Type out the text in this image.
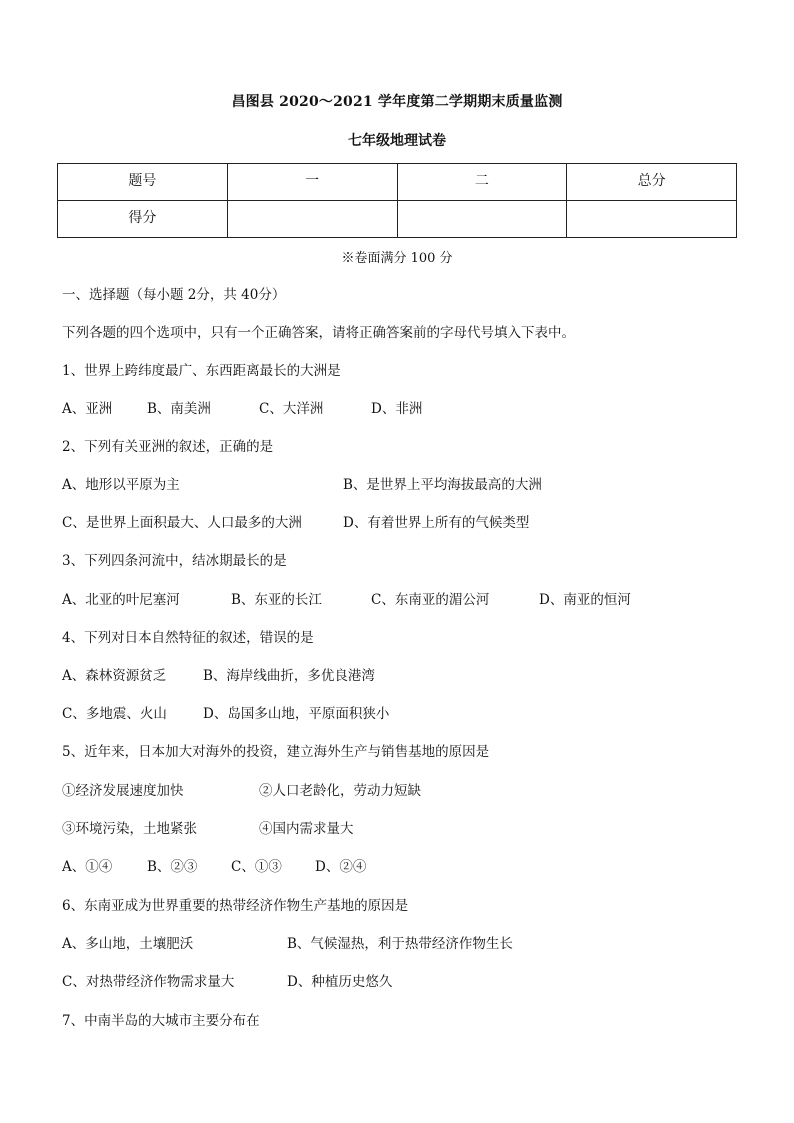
昌图县 2020～2021 学年度第二学期期末质量监测
七年级地理试卷
题号	一	二	总分
得分			
※卷面满分 100 分
一、选择题（每小题 2分，共 40分）
下列各题的四个选项中，只有一个正确答案，请将正确答案前的字母代号填入下表中。
1、世界上跨纬度最广、东西距离最长的大洲是
A、亚洲	B、南美洲	C、大洋洲	D、非洲
2、下列有关亚洲的叙述，正确的是
A、地形以平原为主	B、是世界上平均海拔最高的大洲
C、是世界上面积最大、人口最多的大洲	D、有着世界上所有的气候类型
3、下列四条河流中，结冰期最长的是
A、北亚的叶尼塞河	B、东亚的长江	C、东南亚的湄公河	D、南亚的恒河
4、下列对日本自然特征的叙述，错误的是
A、森林资源贫乏	B、海岸线曲折，多优良港湾
C、多地震、火山	D、岛国多山地，平原面积狭小
5、近年来，日本加大对海外的投资，建立海外生产与销售基地的原因是
①经济发展速度加快	②人口老龄化，劳动力短缺
③环境污染，土地紧张	④国内需求量大
A、①④	B、②③ C、①③ D、②④
6、东南亚成为世界重要的热带经济作物生产基地的原因是
A、多山地，土壤肥沃	B、气候湿热，利于热带经济作物生长
C、对热带经济作物需求量大	D、种植历史悠久
7、中南半岛的大城市主要分布在
